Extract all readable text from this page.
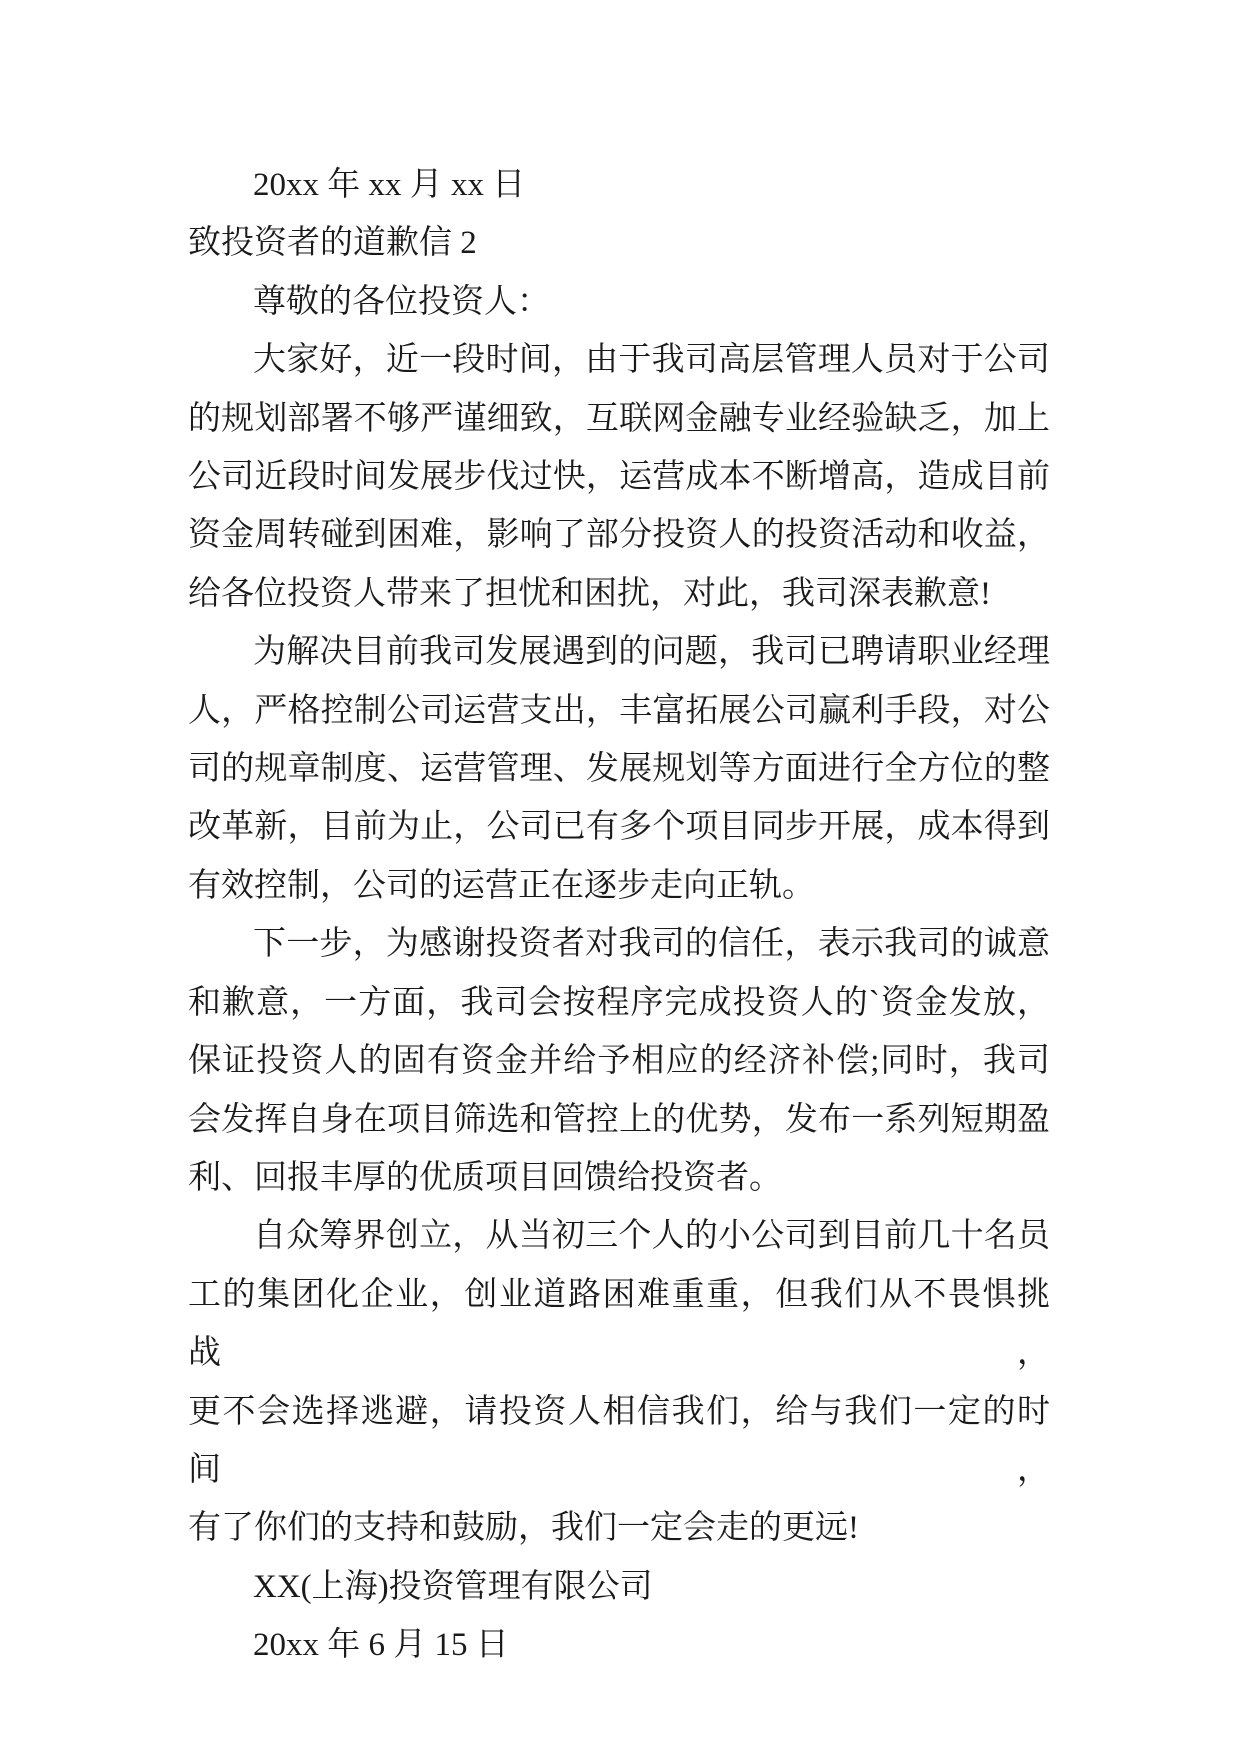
20xx 年 xx 月 xx 日
致投资者的道歉信 2
尊敬的各位投资人：
大家好，近一段时间，由于我司高层管理人员对于公司
的规划部署不够严谨细致，互联网金融专业经验缺乏，加上
公司近段时间发展步伐过快，运营成本不断增高，造成目前
资金周转碰到困难，影响了部分投资人的投资活动和收益，
给各位投资人带来了担忧和困扰，对此，我司深表歉意!
为解决目前我司发展遇到的问题，我司已聘请职业经理
人，严格控制公司运营支出，丰富拓展公司赢利手段，对公
司的规章制度、运营管理、发展规划等方面进行全方位的整
改革新，目前为止，公司已有多个项目同步开展，成本得到
有效控制，公司的运营正在逐步走向正轨。
下一步，为感谢投资者对我司的信任，表示我司的诚意
和歉意，一方面，我司会按程序完成投资人的`资金发放，
保证投资人的固有资金并给予相应的经济补偿;同时，我司
会发挥自身在项目筛选和管控上的优势，发布一系列短期盈
利、回报丰厚的优质项目回馈给投资者。
自众筹界创立，从当初三个人的小公司到目前几十名员
工的集团化企业，创业道路困难重重，但我们从不畏惧挑战，
更不会选择逃避，请投资人相信我们，给与我们一定的时间，
有了你们的支持和鼓励，我们一定会走的更远!
XX(上海)投资管理有限公司
20xx 年 6 月 15 日
